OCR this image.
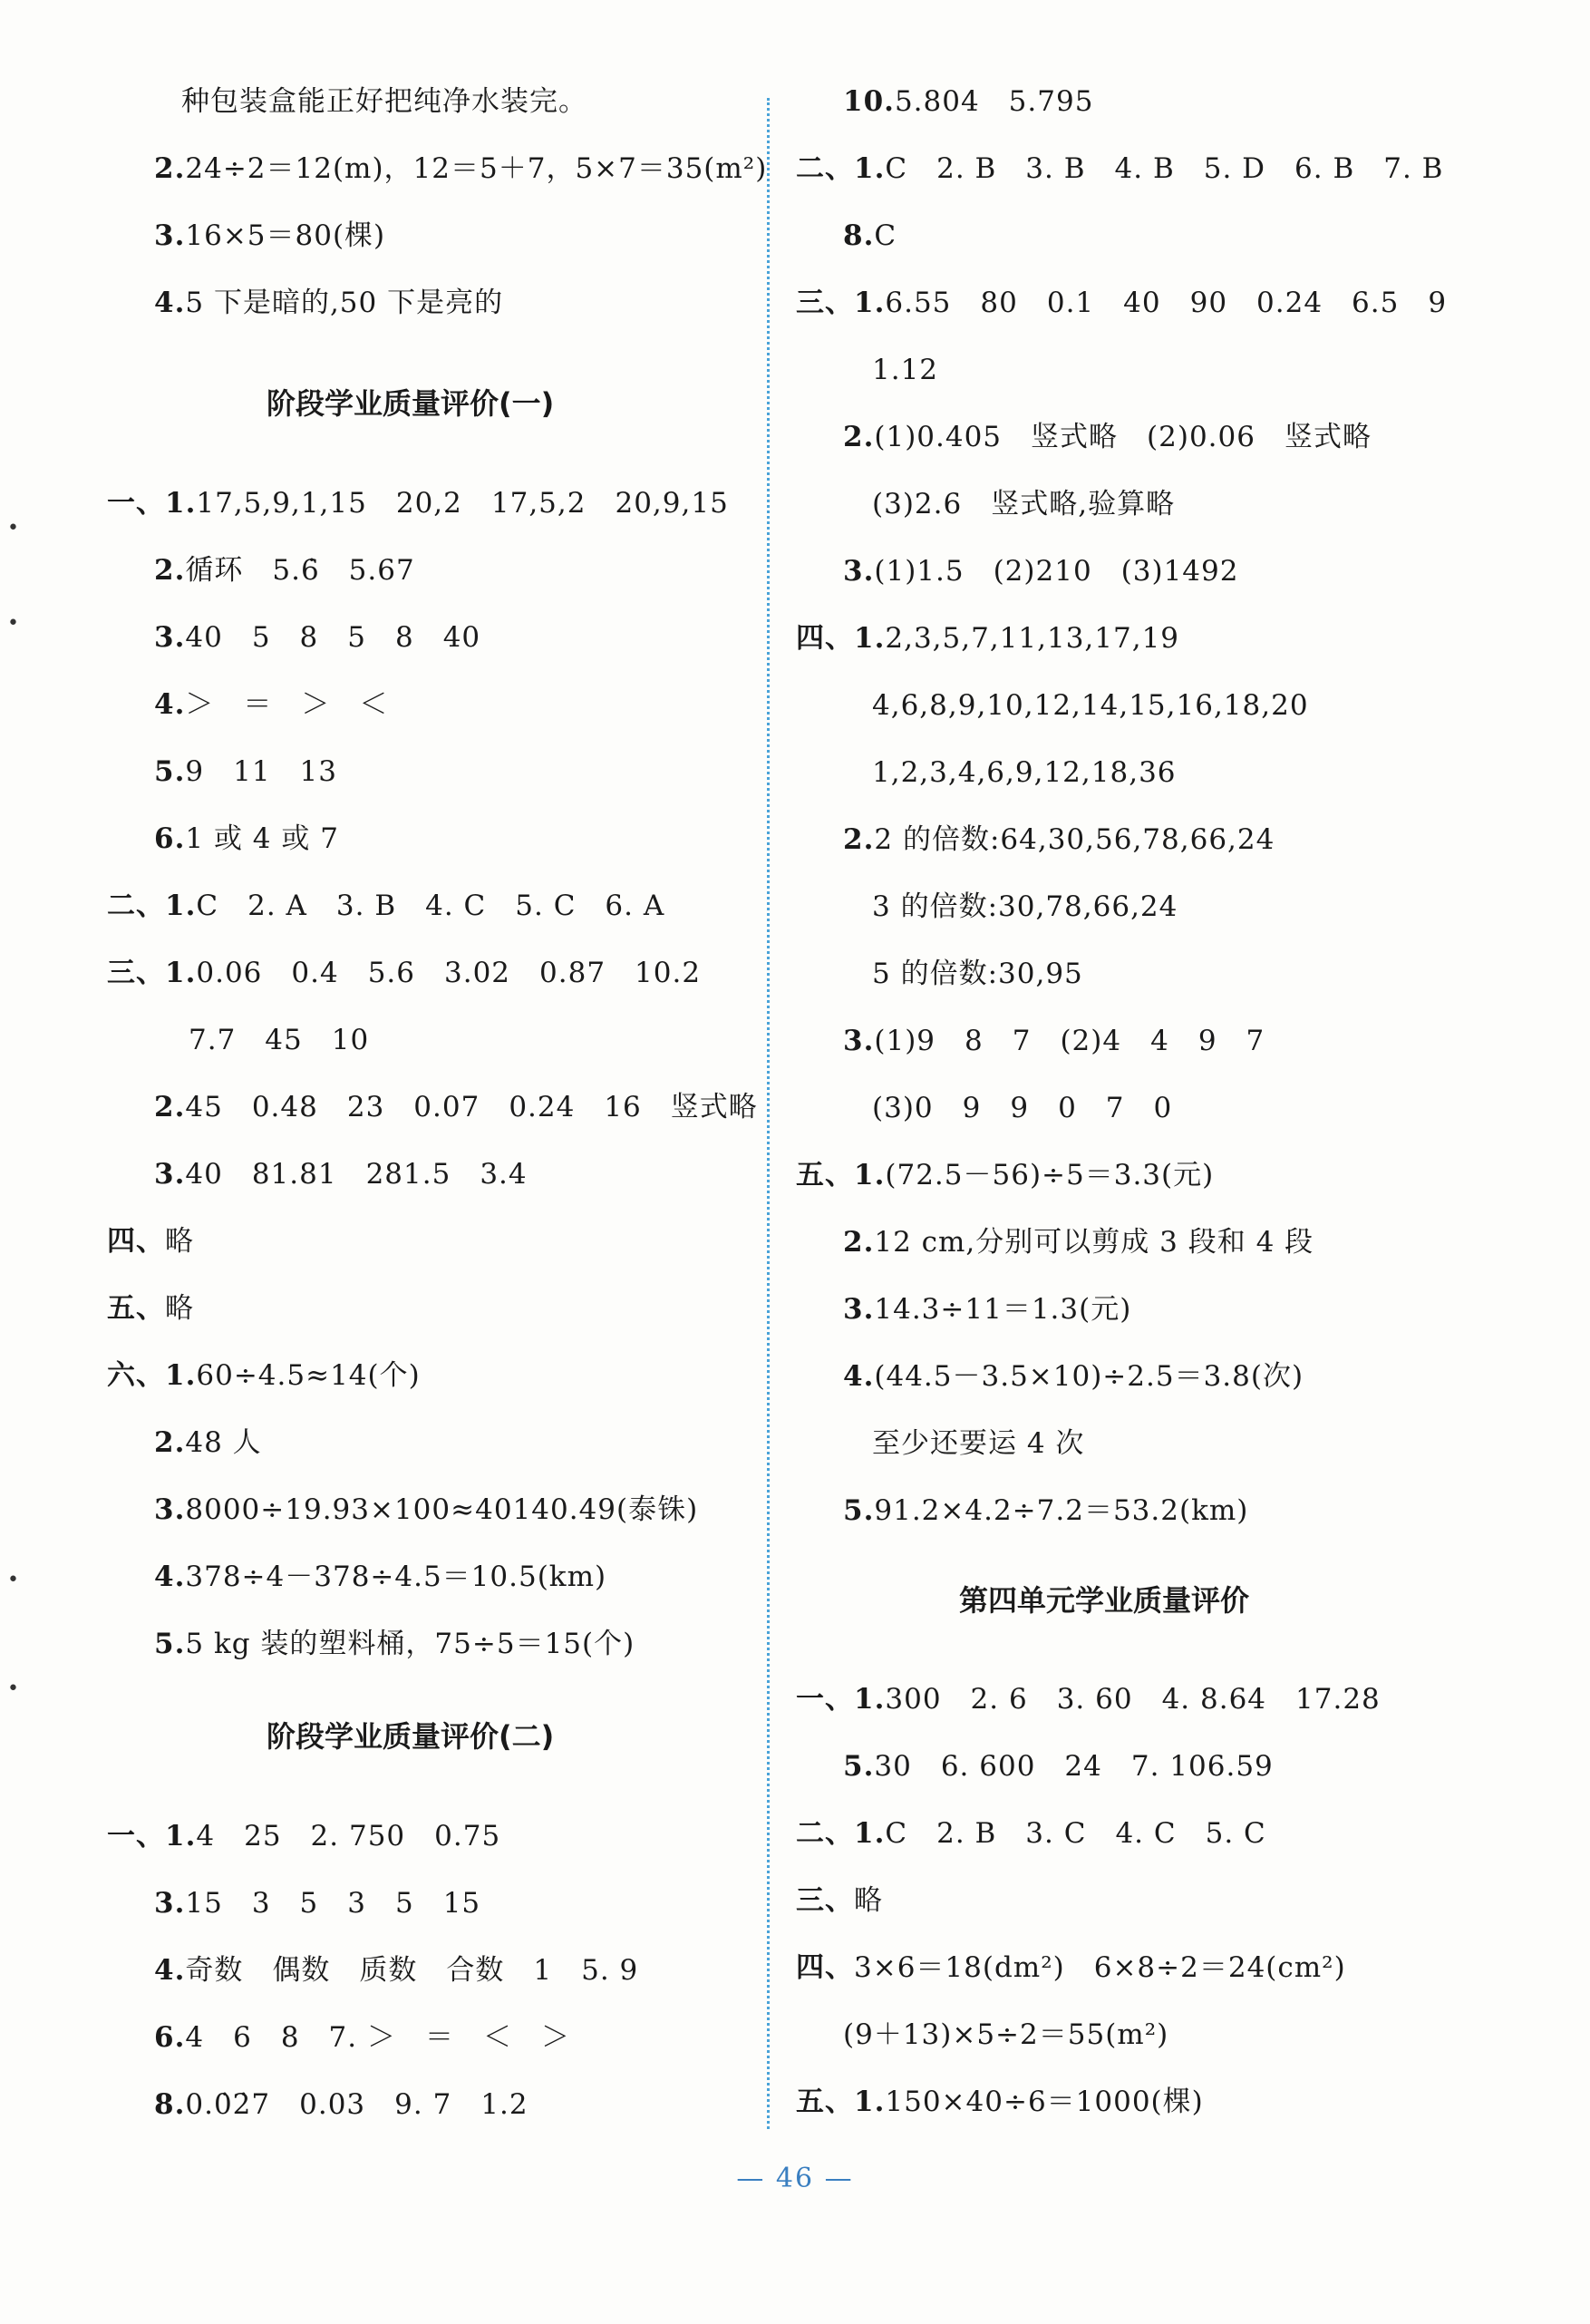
种包装盒能正好把纯净水装完。
2.24÷2＝12(m)，12＝5＋7，5×7＝35(m²)
3.16×5＝80(棵)
4.5 下是暗的,50 下是亮的
阶段学业质量评价(一)
一、1.17,5,9,1,15　20,2　17,5,2　20,9,15
2.循环　5.6̇　5.67
3.40　5　8　5　8　40
4.＞　＝　＞　＜
5.9　11　13
6.1 或 4 或 7
二、1.C　2. A　3. B　4. C　5. C　6. A
三、1.0.06　0.4　5.6　3.02　0.87　10.2
7.7　45　10
2.45　0.48　23　0.07　0.24　16　竖式略
3.40　81.81　281.5　3.4
四、略
五、略
六、1.60÷4.5≈14(个)
2.48 人
3.8000÷19.93×100≈40140.49(泰铢)
4.378÷4－378÷4.5＝10.5(km)
5.5 kg 装的塑料桶，75÷5＝15(个)
阶段学业质量评价(二)
一、1.4　25　2. 750　0.75
3.15　3　5　3　5　15
4.奇数　偶数　质数　合数　1　5. 9
6.4　6　8　7. ＞　＝　＜　＞
8.0.0̇2̇7　0.03　9. 7　1.2
10.5.804　5.795
二、1.C　2. B　3. B　4. B　5. D　6. B　7. B
8.C
三、1.6.55　80　0.1　40　90　0.24　6.5　9
1.12
2.(1)0.405　竖式略　(2)0.06　竖式略
(3)2.6　竖式略,验算略
3.(1)1.5　(2)210　(3)1492
四、1.2,3,5,7,11,13,17,19
4,6,8,9,10,12,14,15,16,18,20
1,2,3,4,6,9,12,18,36
2.2 的倍数:64,30,56,78,66,24
3 的倍数:30,78,66,24
5 的倍数:30,95
3.(1)9　8　7　(2)4　4　9　7
(3)0　9　9　0　7　0
五、1.(72.5－56)÷5＝3.3(元)
2.12 cm,分别可以剪成 3 段和 4 段
3.14.3÷11＝1.3(元)
4.(44.5－3.5×10)÷2.5＝3.8(次)
至少还要运 4 次
5.91.2×4.2÷7.2＝53.2(km)
第四单元学业质量评价
一、1.300　2. 6　3. 60　4. 8.64　17.28
5.30　6. 600　24　7. 106.59
二、1.C　2. B　3. C　4. C　5. C
三、略
四、3×6＝18(dm²)　6×8÷2＝24(cm²)
(9＋13)×5÷2＝55(m²)
五、1.150×40÷6＝1000(棵)
•
•
•
•
— 46 —
